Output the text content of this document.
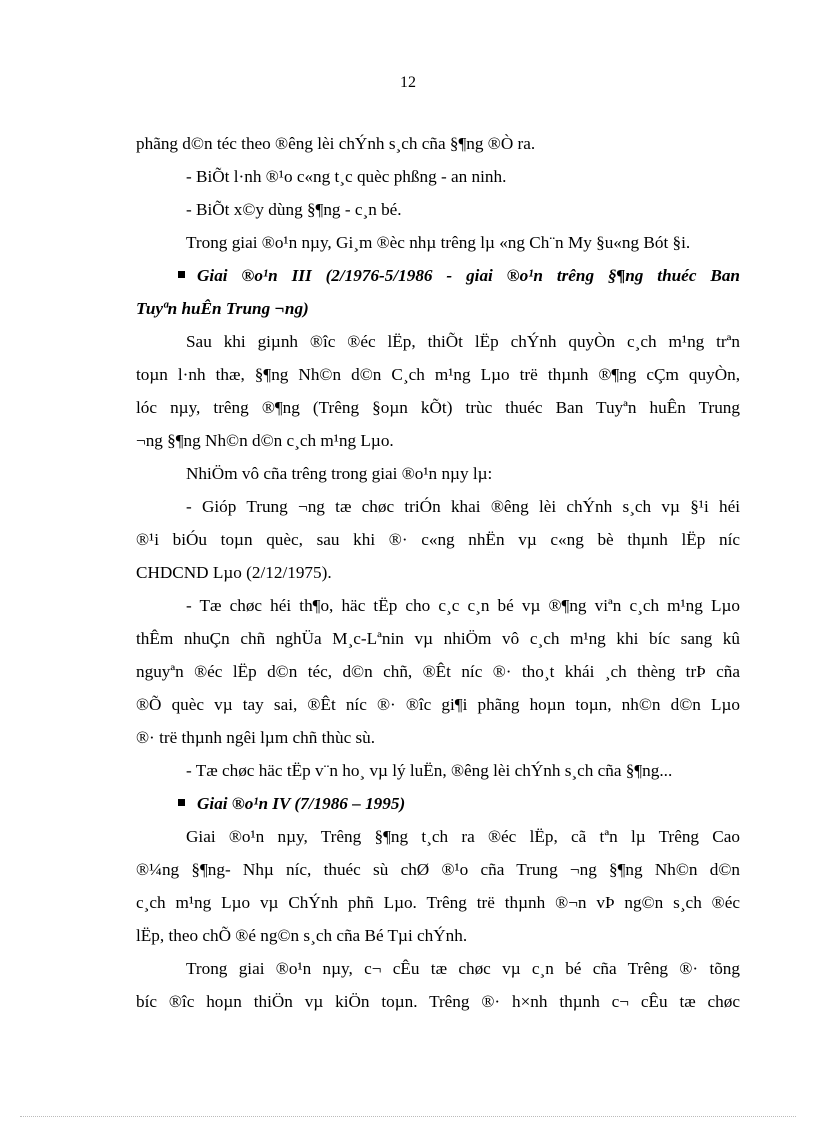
12

phãng d©n téc theo ®êng lèi chÝnh s¸ch cña §¶ng ®Ò ra.

- BiÕt l·nh ®¹o c«ng t¸c quèc phßng - an ninh.

- BiÕt x©y dùng §¶ng - c¸n bé.

Trong giai ®o¹n nµy, Gi¸m ®èc nhµ trêng lµ «ng Ch¨n My §u«ng Bót §i.

Giai ®o¹n III (2/1976-5/1986 - giai ®o¹n trêng §¶ng thuéc Ban

Tuyªn huÊn Trung ¬ng)

Sau khi giµnh ®îc ®éc lËp, thiÕt lËp chÝnh quyÒn c¸ch m¹ng trªn

toµn l·nh thæ, §¶ng Nh©n d©n C¸ch m¹ng Lµo trë thµnh ®¶ng cÇm quyÒn,

lóc nµy, trêng ®¶ng (Trêng §oµn kÕt) trùc thuéc Ban Tuyªn huÊn Trung

¬ng §¶ng Nh©n d©n c¸ch m¹ng Lµo.

NhiÖm vô cña trêng trong giai ®o¹n nµy lµ:

- Gióp Trung ¬ng tæ chøc triÓn khai ®êng lèi chÝnh s¸ch vµ §¹i héi

®¹i biÓu toµn quèc, sau khi ®· c«ng nhËn vµ c«ng bè thµnh lËp níc

CHDCND Lµo (2/12/1975).

- Tæ chøc héi th¶o, häc tËp cho c¸c c¸n bé vµ ®¶ng viªn c¸ch m¹ng Lµo

thÊm nhuÇn chñ nghÜa M¸c-Lªnin vµ nhiÖm vô c¸ch m¹ng khi bíc sang kû

nguyªn ®éc lËp d©n téc, d©n chñ, ®Êt níc ®· tho¸t khái ¸ch thèng trÞ cña

®Õ quèc vµ tay sai, ®Êt níc ®· ®îc gi¶i phãng hoµn toµn, nh©n d©n Lµo

®· trë thµnh ngêi lµm chñ thùc sù.

- Tæ chøc häc tËp v¨n ho¸ vµ lý luËn, ®êng lèi chÝnh s¸ch cña §¶ng...

Giai ®o¹n IV (7/1986 – 1995)

Giai ®o¹n nµy, Trêng §¶ng t¸ch ra ®éc lËp, cã tªn lµ Trêng Cao

®¼ng §¶ng- Nhµ níc, thuéc sù chØ ®¹o cña Trung ¬ng §¶ng Nh©n d©n

c¸ch m¹ng Lµo vµ ChÝnh phñ Lµo. Trêng trë thµnh ®¬n vÞ ng©n s¸ch ®éc

lËp, theo chÕ ®é ng©n s¸ch cña Bé Tµi chÝnh.

Trong giai ®o¹n nµy, c¬ cÊu tæ chøc vµ c¸n bé cña Trêng ®· tõng

bíc ®îc hoµn thiÖn vµ kiÖn toµn. Trêng ®· h×nh thµnh c¬ cÊu tæ chøc
